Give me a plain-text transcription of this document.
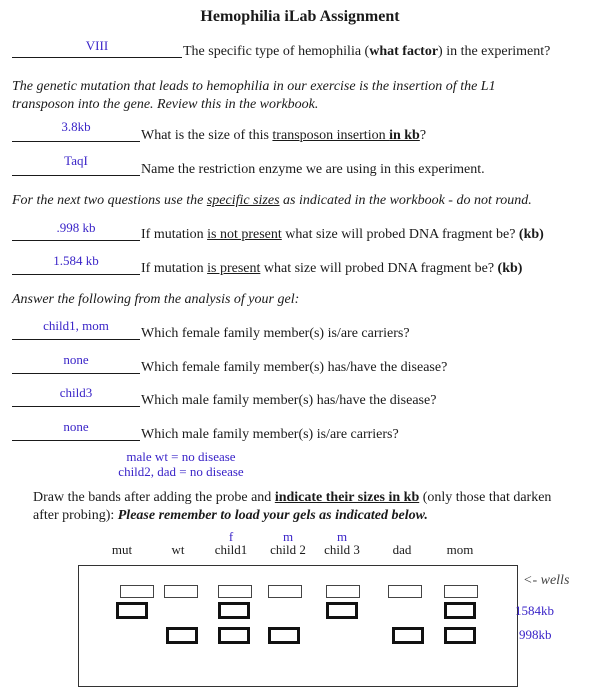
Hemophilia iLab Assignment
VIII	The specific type of hemophilia (what factor) in the experiment?
The genetic mutation that leads to hemophilia in our exercise is the insertion of the L1
transposon into the gene. Review this in the workbook.
3.8kb
What is the size of this transposon insertion in kb?
TaqI
Name the restriction enzyme we are using in this experiment.
For the next two questions use the specific sizes as indicated in the workbook - do not round.
.998 kb	If mutation is not present what size will probed DNA fragment be? (kb)
1.584 kb
If mutation is present what size will probed DNA fragment be? (kb)
Answer the following from the analysis of your gel:
child1, mom
Which female family member(s) is/are carriers?
none
Which female family member(s) has/have the disease?
child3
Which male family member(s) has/have the disease?
none
Which male family member(s) is/are carriers?
male wt = no disease
child2, dad = no disease
Draw the bands after adding the probe and indicate their sizes in kb (only those that darken
after probing): Please remember to load your gels as indicated below.
mut	wt
f
child1
m
child 2
m
child 3	dad	mom
<- wells
1584kb
998kb
